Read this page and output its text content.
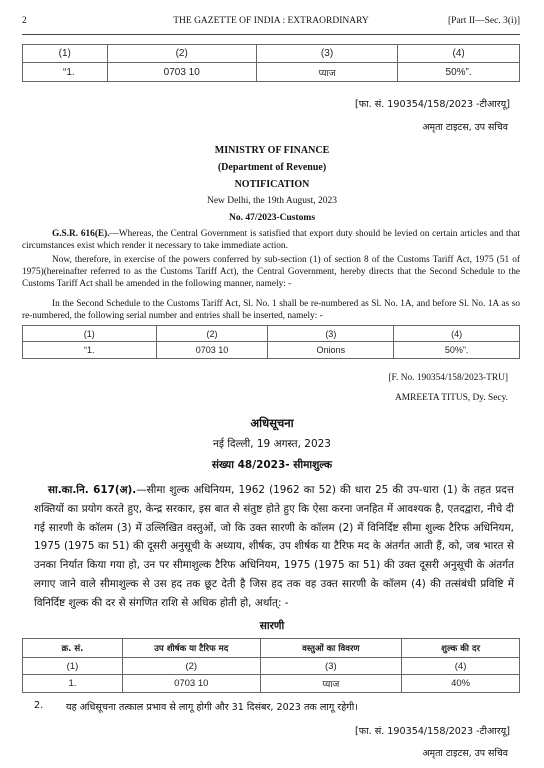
2	THE GAZETTE OF INDIA : EXTRAORDINARY	[Part II—Sec. 3(i)]
(1)	(2)	(3)	(4)
“1.	0703 10	प्याज	50%”.
[फा. सं. 190354/158/2023 -टीआरयू]
अमृता टाइटस, उप सचिव
MINISTRY OF FINANCE
(Department of Revenue)
NOTIFICATION
New Delhi, the 19th August, 2023
No. 47/2023-Customs
G.S.R. 616(E).—Whereas, the Central Government is satisfied that export duty should be levied on certain articles and that circumstances exist which render it necessary to take immediate action.
Now, therefore, in exercise of the powers conferred by sub-section (1) of section 8 of the Customs Tariff Act, 1975 (51 of 1975)(hereinafter referred to as the Customs Tariff Act), the Central Government, hereby directs that the Second Schedule to the Customs Tariff Act shall be amended in the following manner, namely: -
In the Second Schedule to the Customs Tariff Act, Sl. No. 1 shall be re-numbered as Sl. No. 1A, and before Sl. No. 1A as so re-numbered, the following serial number and entries shall be inserted, namely: -
(1)	(2)	(3)	(4)
“1.	0703 10	Onions	50%”.
[F. No. 190354/158/2023-TRU]
AMREETA TITUS, Dy. Secy.
अधिसूचना
नई दिल्ली, 19 अगस्त, 2023
संख्या 48/2023- सीमाशुल्क
सा.का.नि. 617(अ).—सीमा शुल्क अधिनियम, 1962 (1962 का 52) की धारा 25 की उप-धारा (1) के तहत प्रदत्त शक्तियों का प्रयोग करते हुए, केन्द्र सरकार, इस बात से संतुष्ट होते हुए कि ऐसा करना जनहित में आवश्यक है, एतदद्वारा, नीचे दी गई सारणी के कॉलम (3) में उल्लिखित वस्तुओं, जो कि उक्त सारणी के कॉलम (2) में विनिर्दिष्ट सीमा शुल्क टैरिफ अधिनियम, 1975 (1975 का 51) की दूसरी अनुसूची के अध्याय, शीर्षक, उप शीर्षक या टैरिफ मद के अंतर्गत आती हैं, को, जब भारत से उनका निर्यात किया गया हो, उन पर सीमाशुल्क टैरिफ अधिनियम, 1975 (1975 का 51) की उक्त दूसरी अनुसूची के अंतर्गत लगाए जाने वाले सीमाशुल्क से उस हद तक छूट देती है जिस हद तक वह उक्त सारणी के कॉलम (4) की तत्संबंधी प्रविष्टि में विनिर्दिष्ट शुल्क की दर से संगणित राशि से अधिक होती हो, अर्थात्: -
सारणी
क्र. सं.	उप शीर्षक या टैरिफ मद	वस्तुओं का विवरण	शुल्क की दर
(1)	(2)	(3)	(4)
1.	0703 10	प्याज	40%
2. यह अधिसूचना तत्काल प्रभाव से लागू होगी और 31 दिसंबर, 2023 तक लागू रहेगी।
[फा. सं. 190354/158/2023 -टीआरयू]
अमृता टाइटस, उप सचिव
